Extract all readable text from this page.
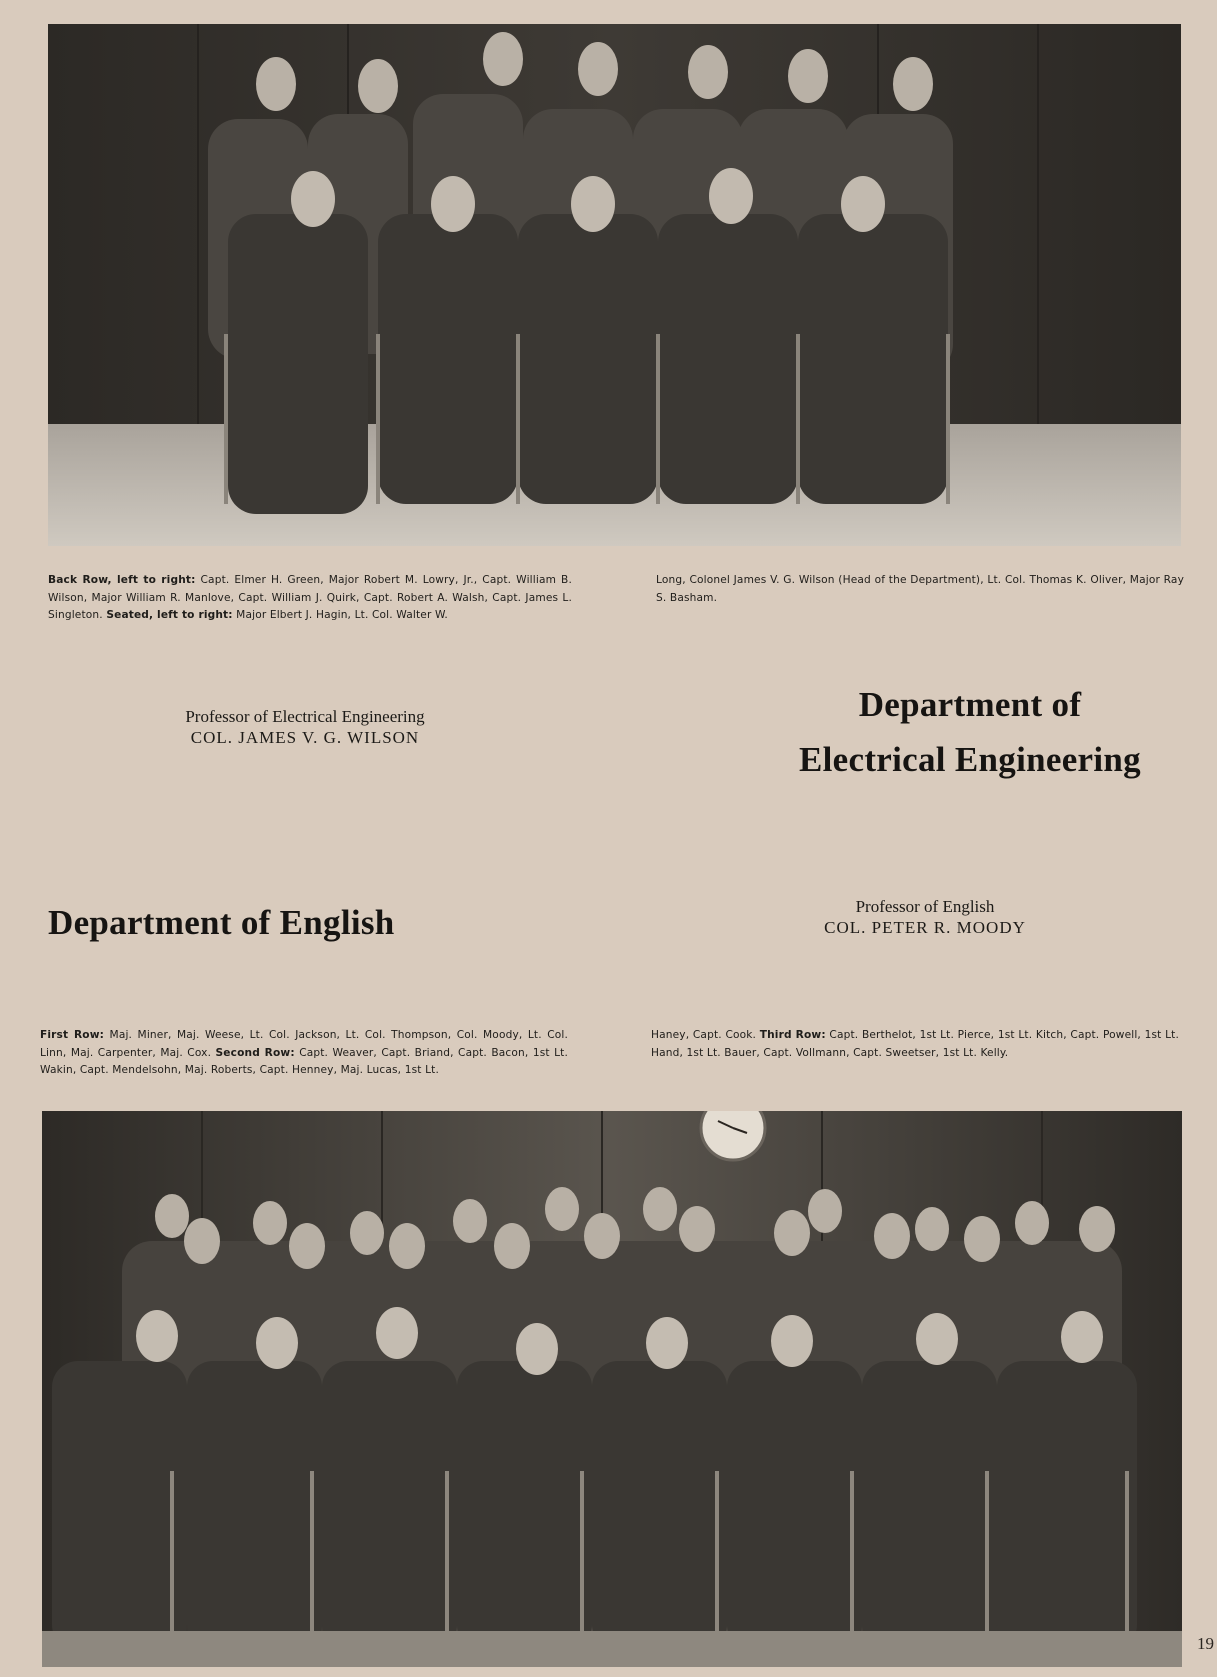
Back Row, left to right: Capt. Elmer H. Green, Major Robert M. Lowry, Jr., Capt. William B. Wilson, Major William R. Manlove, Capt. William J. Quirk, Capt. Robert A. Walsh, Capt. James L. Singleton. Seated, left to right: Major Elbert J. Hagin, Lt. Col. Walter W.
Long, Colonel James V. G. Wilson (Head of the Department), Lt. Col. Thomas K. Oliver, Major Ray S. Basham.
Professor of Electrical Engineering
COL. JAMES V. G. WILSON
Department of
Electrical Engineering
Department of English	Professor of English
COL. PETER R. MOODY
First Row: Maj. Miner, Maj. Weese, Lt. Col. Jackson, Lt. Col. Thompson, Col. Moody, Lt. Col. Linn, Maj. Carpenter, Maj. Cox. Second Row: Capt. Weaver, Capt. Briand, Capt. Bacon, 1st Lt. Wakin, Capt. Mendelsohn, Maj. Roberts, Capt. Henney, Maj. Lucas, 1st Lt.
Haney, Capt. Cook. Third Row: Capt. Berthelot, 1st Lt. Pierce, 1st Lt. Kitch, Capt. Powell, 1st Lt. Hand, 1st Lt. Bauer, Capt. Vollmann, Capt. Sweetser, 1st Lt. Kelly.
19
